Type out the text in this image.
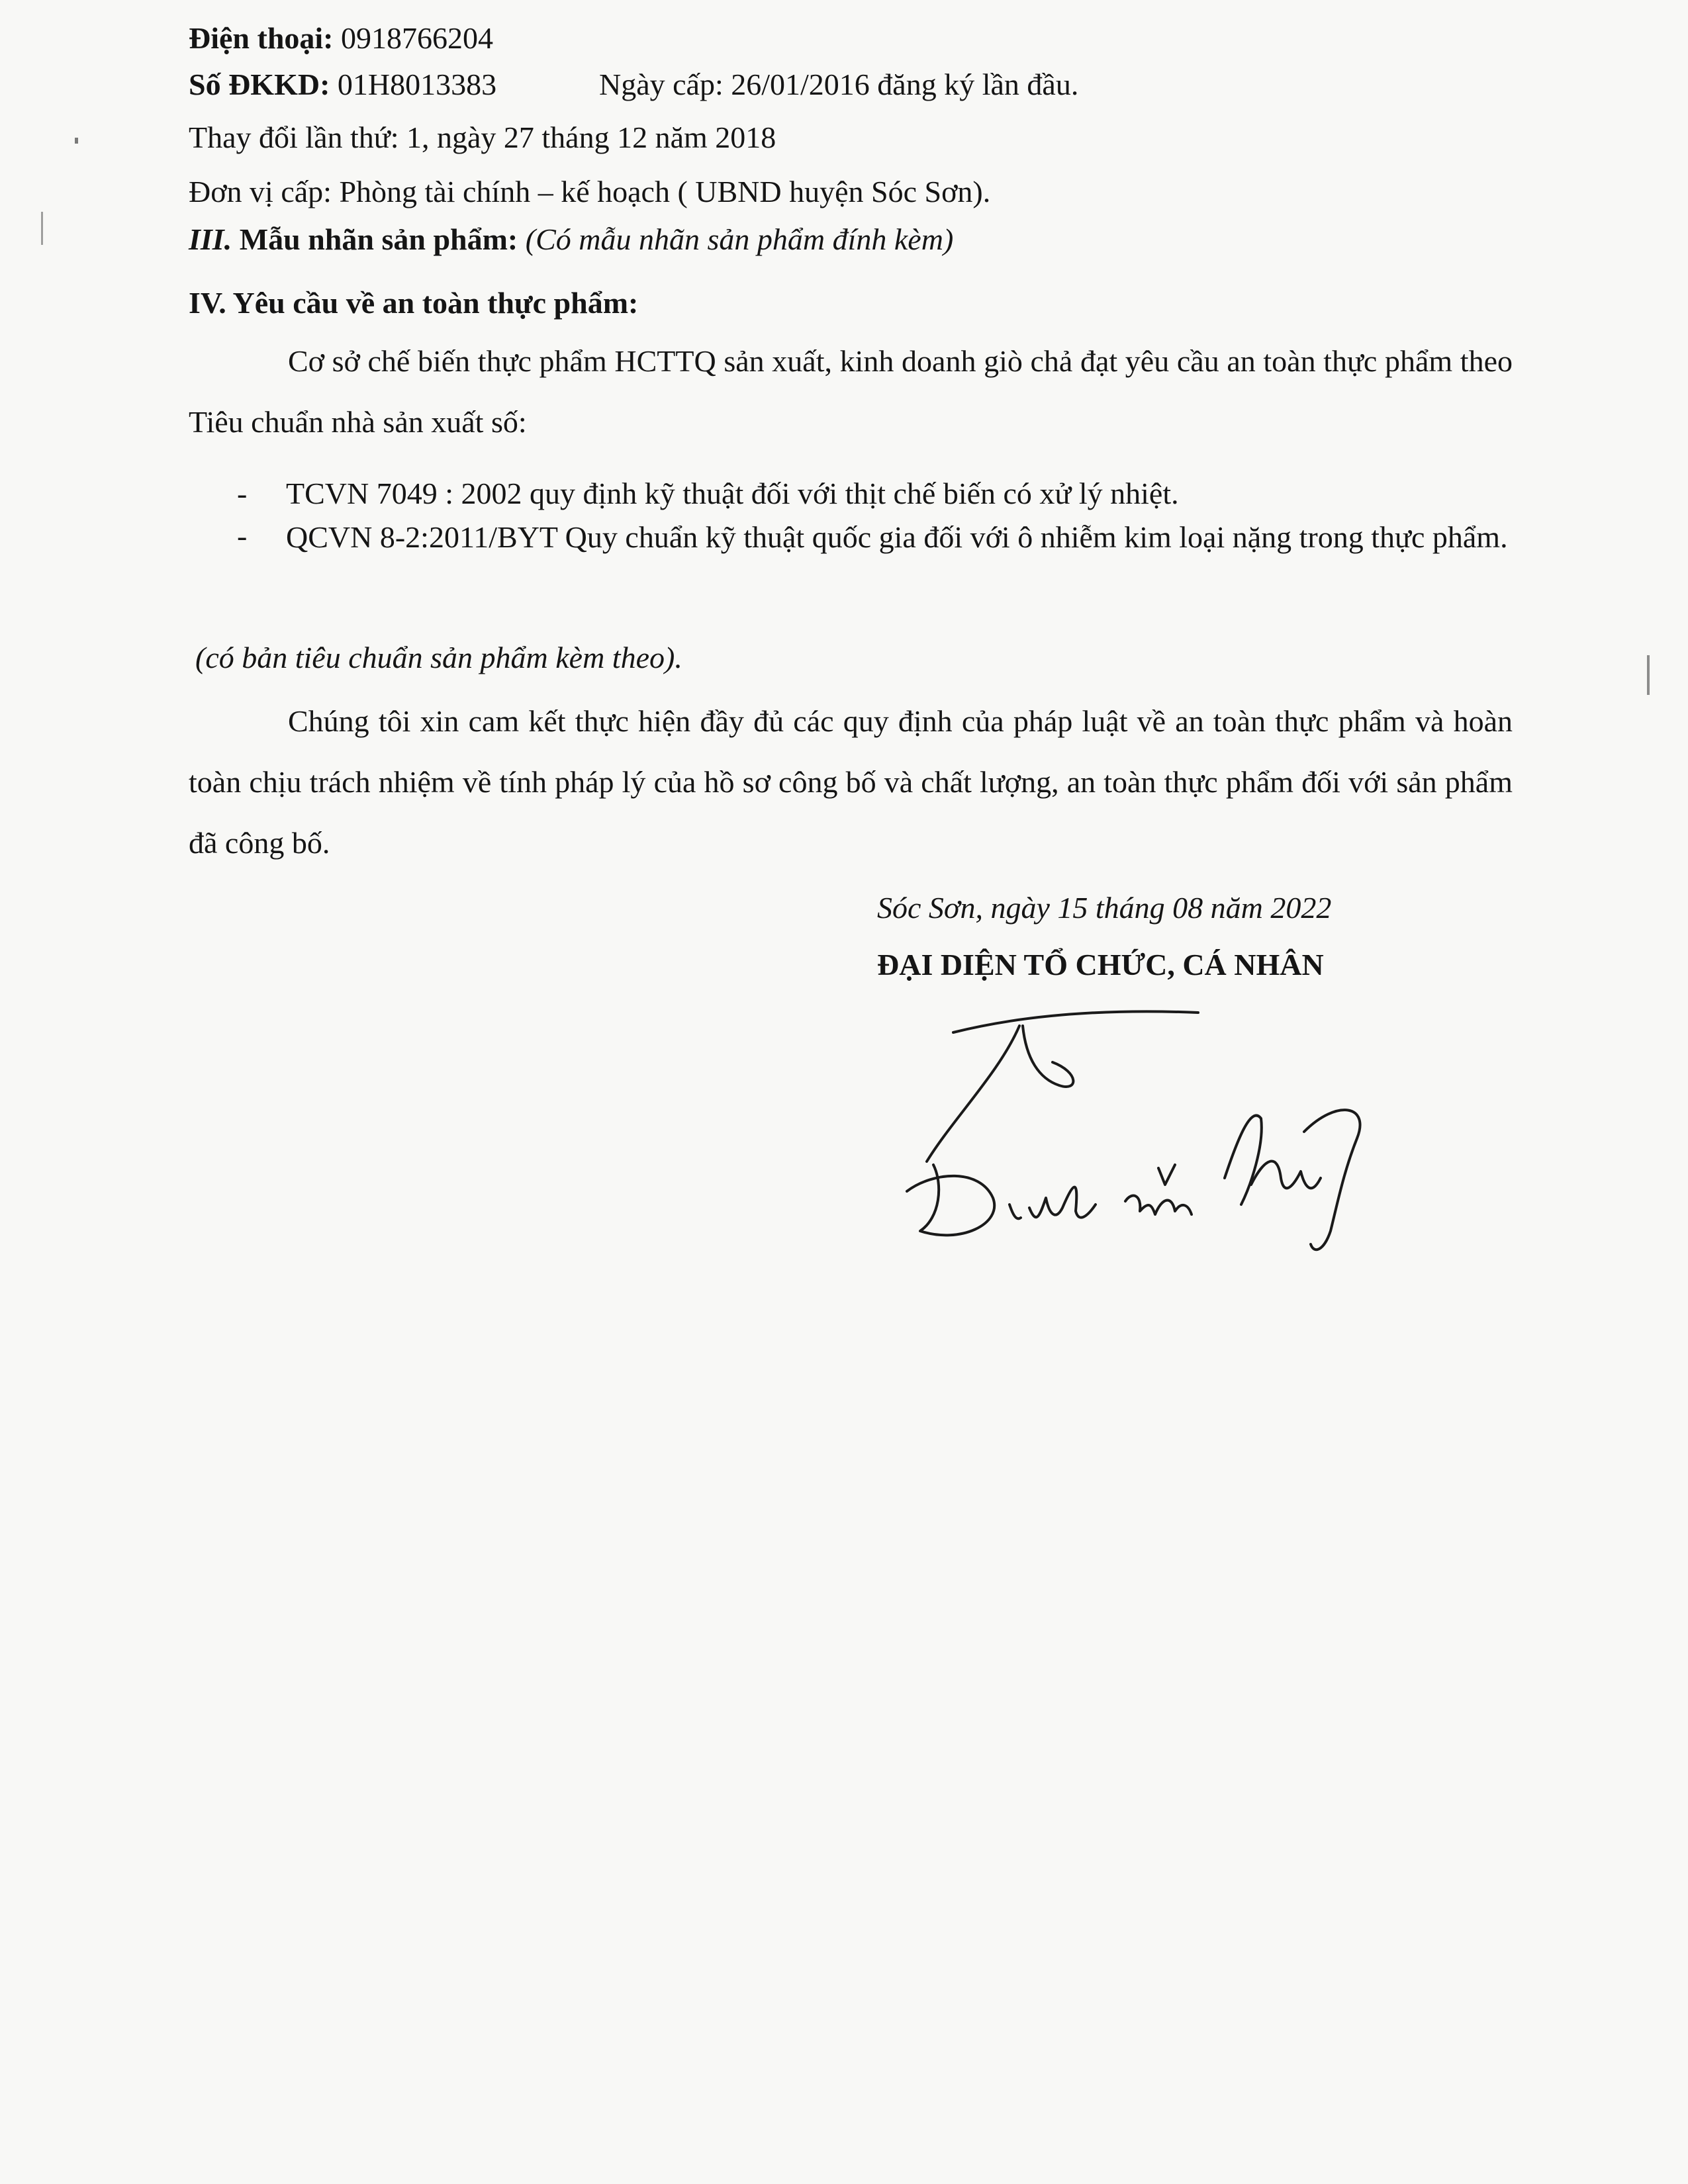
Điện thoại: 0918766204
Số ĐKKD: 01H8013383	Ngày cấp: 26/01/2016 đăng ký lần đầu.
Thay đổi lần thứ: 1, ngày 27 tháng 12 năm 2018
Đơn vị cấp: Phòng tài chính – kế hoạch ( UBND huyện Sóc Sơn).
III. Mẫu nhãn sản phẩm: (Có mẫu nhãn sản phẩm đính kèm)
IV. Yêu cầu về an toàn thực phẩm:
Cơ sở chế biến thực phẩm HCTTQ sản xuất, kinh doanh giò chả đạt yêu cầu an toàn thực phẩm theo Tiêu chuẩn nhà sản xuất số:
- TCVN 7049 : 2002 quy định kỹ thuật đối với thịt chế biến có xử lý nhiệt.
- QCVN 8-2:2011/BYT Quy chuẩn kỹ thuật quốc gia đối với ô nhiễm kim loại nặng trong thực phẩm.
(có bản tiêu chuẩn sản phẩm kèm theo).
Chúng tôi xin cam kết thực hiện đầy đủ các quy định của pháp luật về an toàn thực phẩm và hoàn toàn chịu trách nhiệm về tính pháp lý của hồ sơ công bố và chất lượng, an toàn thực phẩm đối với sản phẩm đã công bố.
Sóc Sơn, ngày 15 tháng 08 năm 2022
ĐẠI DIỆN TỔ CHỨC, CÁ NHÂN
